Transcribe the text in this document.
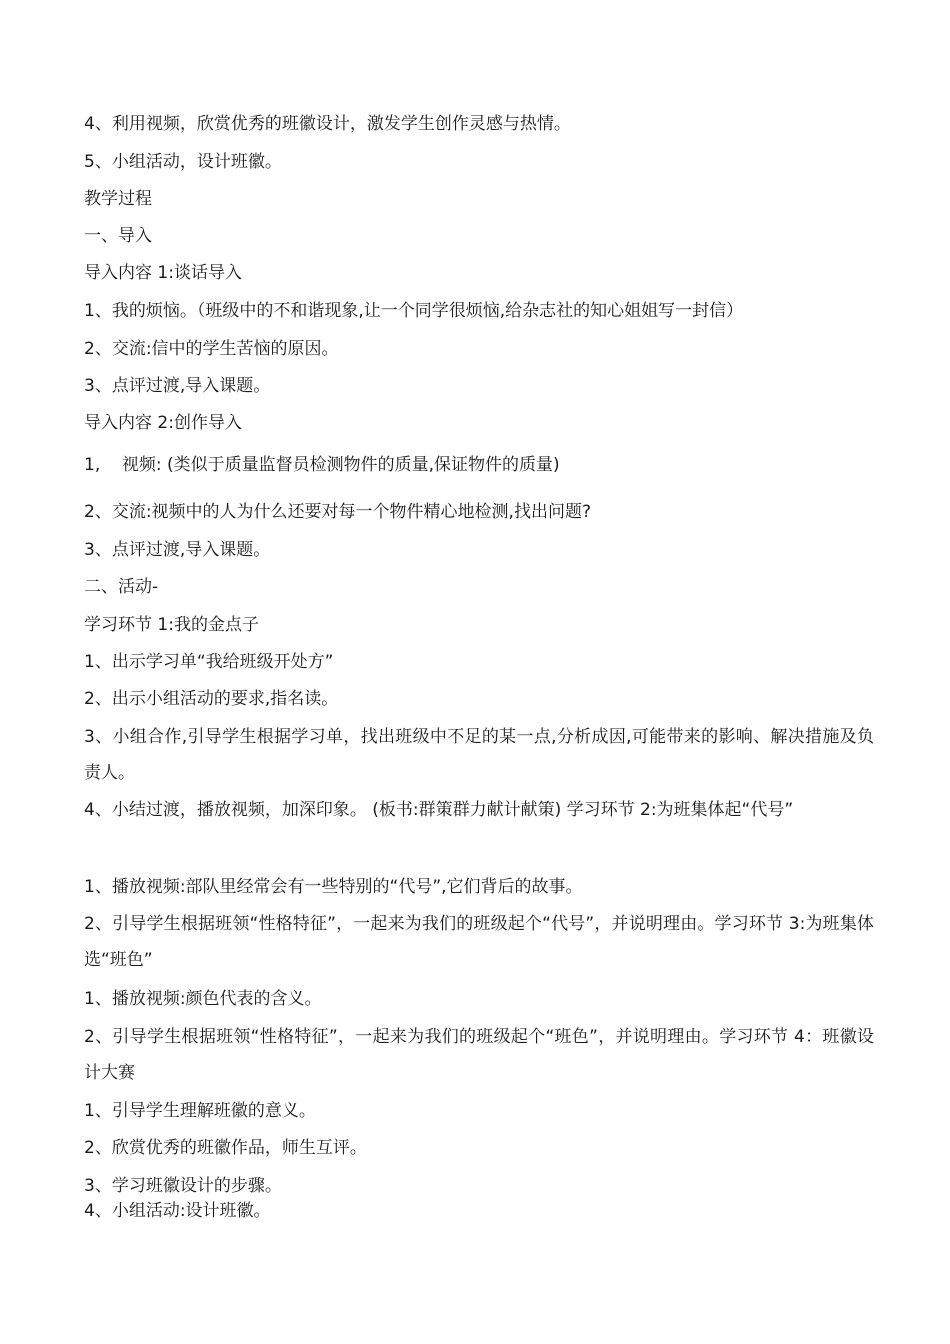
4、利用视频，欣赏优秀的班徽设计，激发学生创作灵感与热情。
5、小组活动，设计班徽。
教学过程
一、导入
导入内容 1:谈话导入
1、我的烦恼。（班级中的不和谐现象,让一个同学很烦恼,给杂志社的知心姐姐写一封信）
2、交流:信中的学生苦恼的原因。
3、点评过渡,导入课题。
导入内容 2:创作导入
1,    视频: (类似于质量监督员检测物件的质量,保证物件的质量)
2、交流:视频中的人为什么还要对每一个物件精心地检测,找出问题?
3、点评过渡,导入课题。
二、活动-
学习环节 1:我的金点子
1、出示学习单“我给班级开处方”
2、出示小组活动的要求,指名读。
3、小组合作,引导学生根据学习单，找出班级中不足的某一点,分析成因,可能带来的影响、解决措施及负责人。
4、小结过渡，播放视频，加深印象。 (板书:群策群力献计献策) 学习环节 2:为班集体起“代号”
1、播放视频:部队里经常会有一些特别的“代号”,它们背后的故事。
2、引导学生根据班领“性格特征”，一起来为我们的班级起个“代号”，并说明理由。学习环节 3:为班集体选“班色”
1、播放视频:颜色代表的含义。
2、引导学生根据班领“性格特征”，一起来为我们的班级起个“班色”，并说明理由。学习环节 4：班徽设计大赛
1、引导学生理解班徽的意义。
2、欣赏优秀的班徽作品，师生互评。
3、学习班徽设计的步骤。
4、小组活动:设计班徽。
